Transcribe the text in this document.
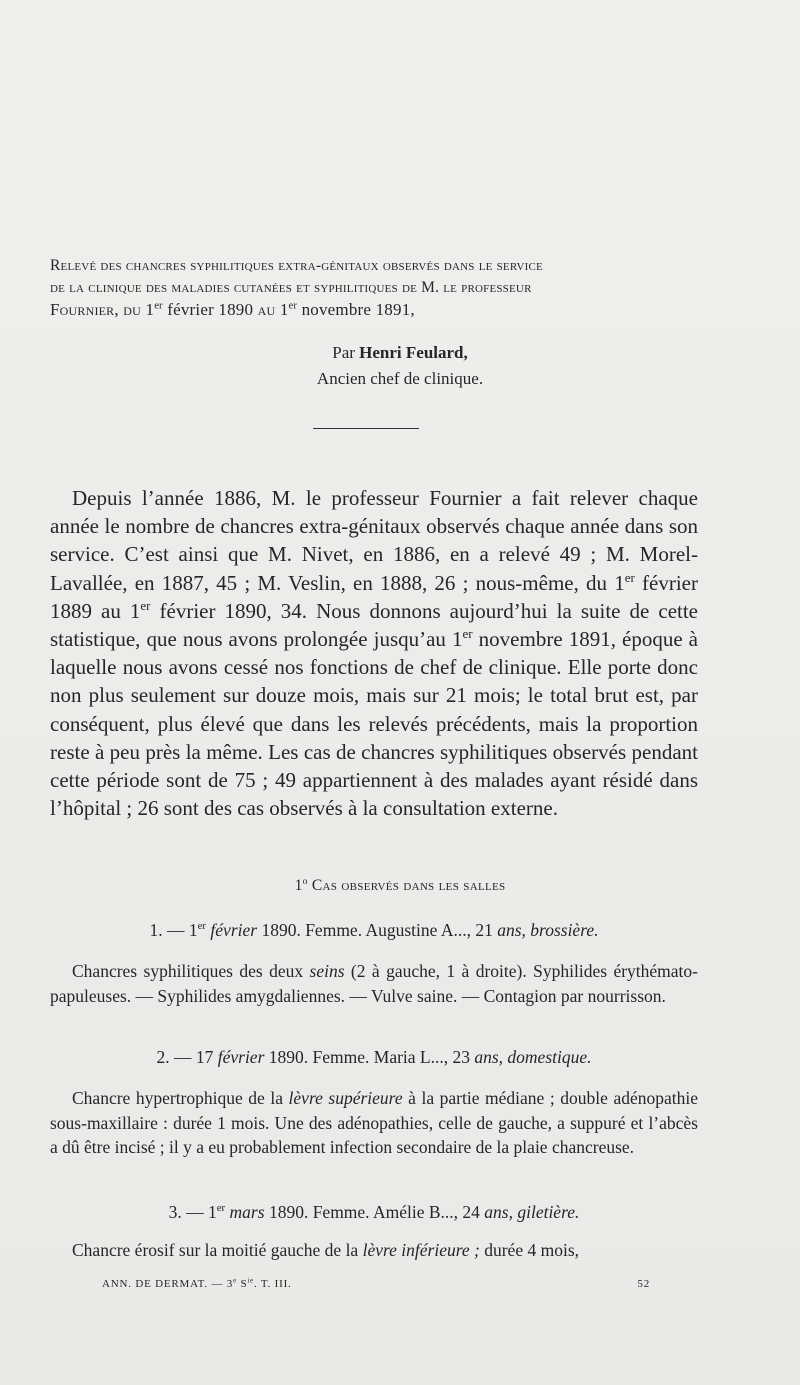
Relevé des chancres syphilitiques extra-génitaux observés dans le service
de la clinique des maladies cutanées et syphilitiques de M. le professeur
Fournier, du 1er février 1890 au 1er novembre 1891,
Par Henri Feulard,
Ancien chef de clinique.

Depuis l’année 1886, M. le professeur Fournier a fait relever chaque année le nombre de chancres extra-génitaux observés chaque année dans son service. C’est ainsi que M. Nivet, en 1886, en a relevé 49 ; M. Morel-Lavallée, en 1887, 45 ; M. Veslin, en 1888, 26 ; nous-même, du 1er février 1889 au 1er février 1890, 34. Nous donnons aujourd’hui la suite de cette statistique, que nous avons prolongée jusqu’au 1er novembre 1891, époque à laquelle nous avons cessé nos fonctions de chef de clinique. Elle porte donc non plus seulement sur douze mois, mais sur 21 mois; le total brut est, par conséquent, plus élevé que dans les relevés précédents, mais la proportion reste à peu près la même. Les cas de chancres syphilitiques observés pendant cette période sont de 75 ; 49 appartiennent à des malades ayant résidé dans l’hôpital ; 26 sont des cas observés à la consultation externe.

1$^o$ Cas observés dans les salles
1. — 1er février 1890. Femme. Augustine A..., 21 ans, brossière.

Chancres syphilitiques des deux seins (2 à gauche, 1 à droite). Syphilides érythémato-papuleuses. — Syphilides amygdaliennes. — Vulve saine. — Contagion par nourrisson.

2. — 17 février 1890. Femme. Maria L..., 23 ans, domestique.

Chancre hypertrophique de la lèvre supérieure à la partie médiane ; double adénopathie sous-maxillaire : durée 1 mois. Une des adénopathies, celle de gauche, a suppuré et l’abcès a dû être incisé ; il y a eu probablement infection secondaire de la plaie chancreuse.

3. — 1er mars 1890. Femme. Amélie B..., 24 ans, giletière.

Chancre érosif sur la moitié gauche de la lèvre inférieure ; durée 4 mois,

ANN. DE DERMAT. — 3e $S^{ie}$. T. III.	52
